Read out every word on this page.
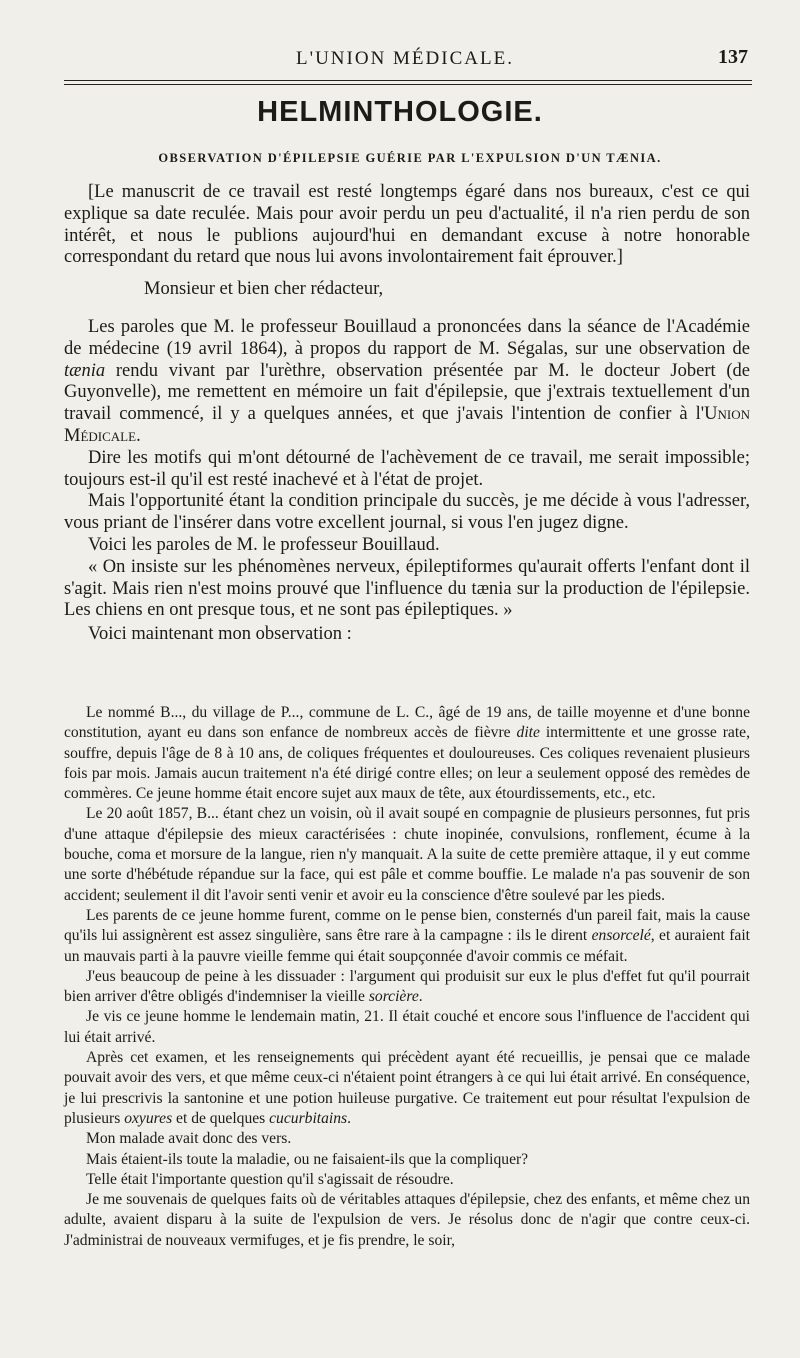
L'UNION MÉDICALE.	137
HELMINTHOLOGIE.
OBSERVATION D'ÉPILEPSIE GUÉRIE PAR L'EXPULSION D'UN TÆNIA.

[Le manuscrit de ce travail est resté longtemps égaré dans nos bureaux, c'est ce qui explique sa date reculée. Mais pour avoir perdu un peu d'actualité, il n'a rien perdu de son intérêt, et nous le publions aujourd'hui en demandant excuse à notre honorable correspondant du retard que nous lui avons involontairement fait éprouver.]

Monsieur et bien cher rédacteur,

Les paroles que M. le professeur Bouillaud a prononcées dans la séance de l'Académie de médecine (19 avril 1864), à propos du rapport de M. Ségalas, sur une observation de tænia rendu vivant par l'urèthre, observation présentée par M. le docteur Jobert (de Guyonvelle), me remettent en mémoire un fait d'épilepsie, que j'extrais textuellement d'un travail commencé, il y a quelques années, et que j'avais l'intention de confier à l'Union Médicale.

Dire les motifs qui m'ont détourné de l'achèvement de ce travail, me serait impossible; toujours est-il qu'il est resté inachevé et à l'état de projet.

Mais l'opportunité étant la condition principale du succès, je me décide à vous l'adresser, vous priant de l'insérer dans votre excellent journal, si vous l'en jugez digne.

Voici les paroles de M. le professeur Bouillaud.

« On insiste sur les phénomènes nerveux, épileptiformes qu'aurait offerts l'enfant dont il s'agit. Mais rien n'est moins prouvé que l'influence du tænia sur la production de l'épilepsie. Les chiens en ont presque tous, et ne sont pas épileptiques. »

Voici maintenant mon observation :

Le nommé B..., du village de P..., commune de L. C., âgé de 19 ans, de taille moyenne et d'une bonne constitution, ayant eu dans son enfance de nombreux accès de fièvre dite intermittente et une grosse rate, souffre, depuis l'âge de 8 à 10 ans, de coliques fréquentes et douloureuses. Ces coliques revenaient plusieurs fois par mois. Jamais aucun traitement n'a été dirigé contre elles; on leur a seulement opposé des remèdes de commères. Ce jeune homme était encore sujet aux maux de tête, aux étourdissements, etc., etc.

Le 20 août 1857, B... étant chez un voisin, où il avait soupé en compagnie de plusieurs personnes, fut pris d'une attaque d'épilepsie des mieux caractérisées : chute inopinée, convulsions, ronflement, écume à la bouche, coma et morsure de la langue, rien n'y manquait. A la suite de cette première attaque, il y eut comme une sorte d'hébétude répandue sur la face, qui est pâle et comme bouffie. Le malade n'a pas souvenir de son accident; seulement il dit l'avoir senti venir et avoir eu la conscience d'être soulevé par les pieds.

Les parents de ce jeune homme furent, comme on le pense bien, consternés d'un pareil fait, mais la cause qu'ils lui assignèrent est assez singulière, sans être rare à la campagne : ils le dirent ensorcelé, et auraient fait un mauvais parti à la pauvre vieille femme qui était soupçonnée d'avoir commis ce méfait.

J'eus beaucoup de peine à les dissuader : l'argument qui produisit sur eux le plus d'effet fut qu'il pourrait bien arriver d'être obligés d'indemniser la vieille sorcière.

Je vis ce jeune homme le lendemain matin, 21. Il était couché et encore sous l'influence de l'accident qui lui était arrivé.

Après cet examen, et les renseignements qui précèdent ayant été recueillis, je pensai que ce malade pouvait avoir des vers, et que même ceux-ci n'étaient point étrangers à ce qui lui était arrivé. En conséquence, je lui prescrivis la santonine et une potion huileuse purgative. Ce traitement eut pour résultat l'expulsion de plusieurs oxyures et de quelques cucurbitains.

Mon malade avait donc des vers.

Mais étaient-ils toute la maladie, ou ne faisaient-ils que la compliquer?

Telle était l'importante question qu'il s'agissait de résoudre.

Je me souvenais de quelques faits où de véritables attaques d'épilepsie, chez des enfants, et même chez un adulte, avaient disparu à la suite de l'expulsion de vers. Je résolus donc de n'agir que contre ceux-ci. J'administrai de nouveaux vermifuges, et je fis prendre, le soir,
